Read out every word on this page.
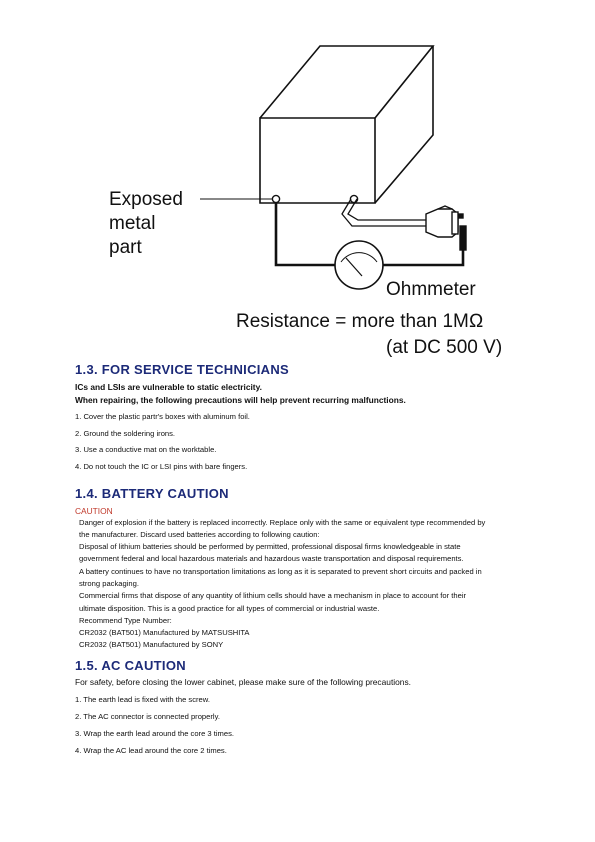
Exposed
metal
part
Ohmmeter
Resistance = more than 1MΩ
(at DC 500 V)
1.3. FOR SERVICE TECHNICIANS

ICs and LSIs are vulnerable to static electricity.

When repairing, the following precautions will help prevent recurring malfunctions.

1. Cover the plastic partr's boxes with aluminum foil.

2. Ground the soldering irons.

3. Use a conductive mat on the worktable.

4. Do not touch the IC or LSI pins with bare fingers.

1.4. BATTERY CAUTION

CAUTION

Danger of explosion if the battery is replaced incorrectly. Replace only with the same or equivalent type recommended by

the manufacturer. Discard used batteries according to following caution:

Disposal of lithium batteries should be performed by permitted, professional disposal firms knowledgeable in state

government federal and local hazardous materials and hazardous waste transportation and disposal requirements.

A battery continues to have no transportation limitations as long as it is separated to prevent short circuits and packed in

strong packaging.

Commercial firms that dispose of any quantity of lithium cells should have a mechanism in place to account for their

ultimate disposition. This is a good practice for all types of commercial or industrial waste.

Recommend Type Number:

CR2032 (BAT501) Manufactured by MATSUSHITA

CR2032 (BAT501) Manufactured by SONY

1.5. AC CAUTION

For safety, before closing the lower cabinet, please make sure of the following precautions.

1. The earth lead is fixed with the screw.

2. The AC connector is connected properly.

3. Wrap the earth lead around the core 3 times.

4. Wrap the AC lead around the core 2 times.
